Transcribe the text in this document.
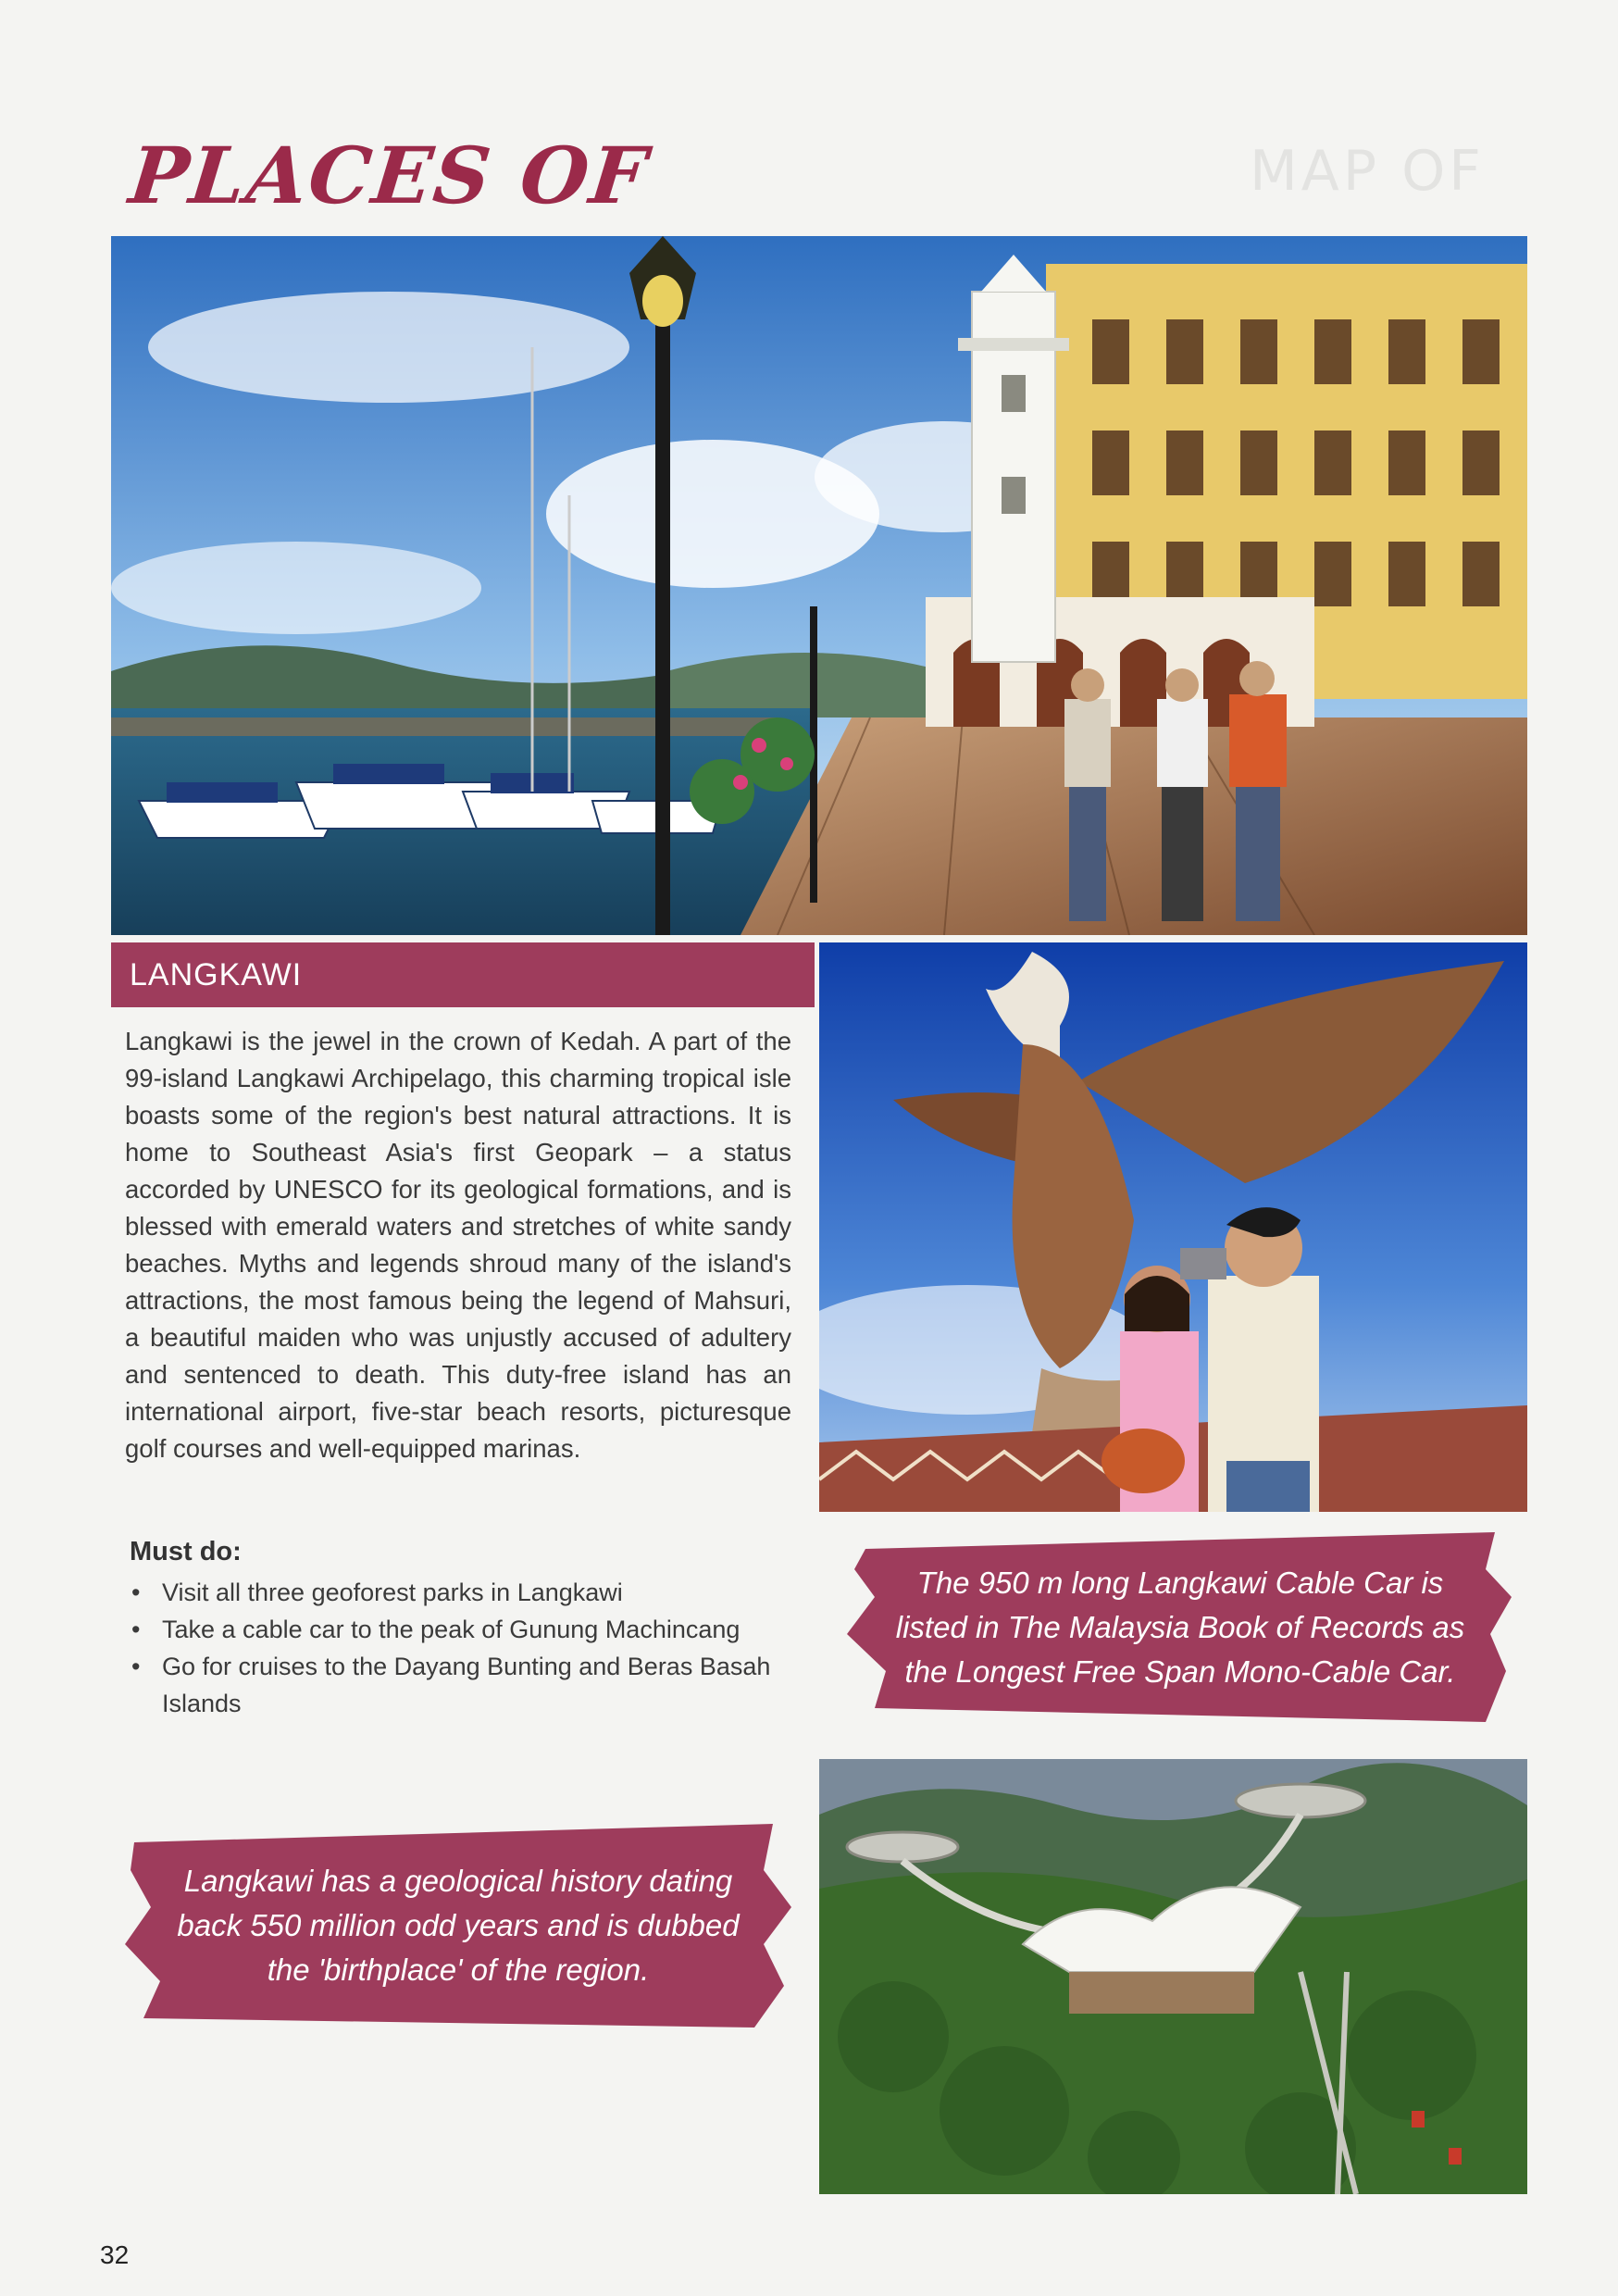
PLACES OF	MAP OF
LANGKAWI

Langkawi is the jewel in the crown of Kedah. A part of the 99-island Langkawi Archipelago, this charming tropical isle boasts some of the region's best natural attractions. It is home to Southeast Asia's first Geopark – a status accorded by UNESCO for its geological formations, and is blessed with emerald waters and stretches of white sandy beaches. Myths and legends shroud many of the island's attractions, the most famous being the legend of Mahsuri, a beautiful maiden who was unjustly accused of adultery and sentenced to death. This duty-free island has an international airport, five-star beach resorts, picturesque golf courses and well-equipped marinas.

Must do:
• Visit all three geoforest parks in Langkawi
• Take a cable car to the peak of Gunung Machincang
• Go for cruises to the Dayang Bunting and Beras Basah Islands
The 950 m long Langkawi Cable Car is listed in The Malaysia Book of Records as the Longest Free Span Mono-Cable Car.
Langkawi has a geological history dating back 550 million odd years and is dubbed the 'birthplace' of the region.

32
